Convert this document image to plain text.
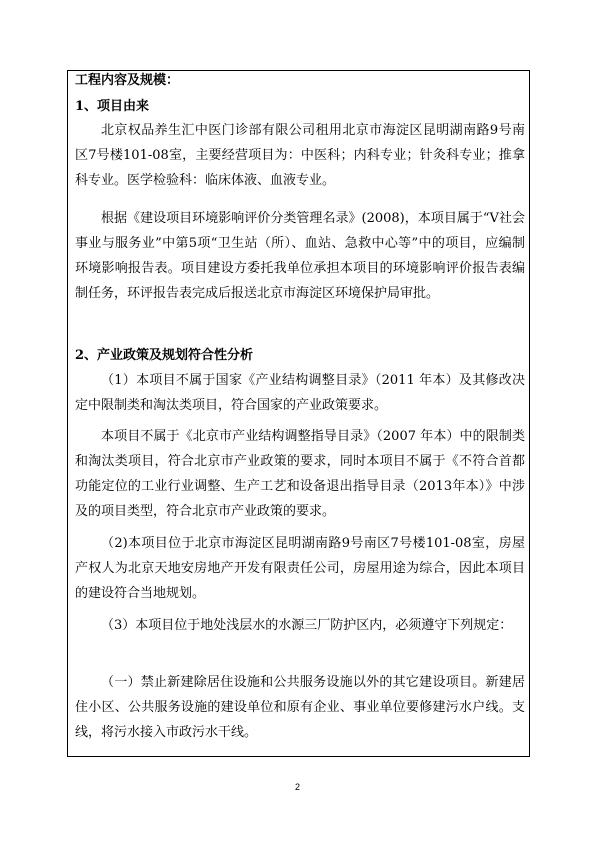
工程内容及规模：
1、项目由来
北京权品养生汇中医门诊部有限公司租用北京市海淀区昆明湖南路9号南区7号楼101-08室，主要经营项目为：中医科；内科专业；针灸科专业；推拿科专业。医学检验科：临床体液、血液专业。
根据《建设项目环境影响评价分类管理名录》(2008)，本项目属于“V社会事业与服务业”中第5项“卫生站（所）、血站、急救中心等”中的项目，应编制环境影响报告表。项目建设方委托我单位承担本项目的环境影响评价报告表编制任务，环评报告表完成后报送北京市海淀区环境保护局审批。
2、产业政策及规划符合性分析
（1）本项目不属于国家《产业结构调整目录》（2011 年本）及其修改决定中限制类和淘汰类项目，符合国家的产业政策要求。
本项目不属于《北京市产业结构调整指导目录》（2007 年本）中的限制类和淘汰类项目，符合北京市产业政策的要求，同时本项目不属于《不符合首都功能定位的工业行业调整、生产工艺和设备退出指导目录（2013年本）》中涉及的项目类型，符合北京市产业政策的要求。
（2)本项目位于北京市海淀区昆明湖南路9号南区7号楼101-08室，房屋产权人为北京天地安房地产开发有限责任公司，房屋用途为综合，因此本项目的建设符合当地规划。
（3）本项目位于地处浅层水的水源三厂防护区内，必须遵守下列规定：
（一）禁止新建除居住设施和公共服务设施以外的其它建设项目。新建居住小区、公共服务设施的建设单位和原有企业、事业单位要修建污水户线。支线，将污水接入市政污水干线。
2
